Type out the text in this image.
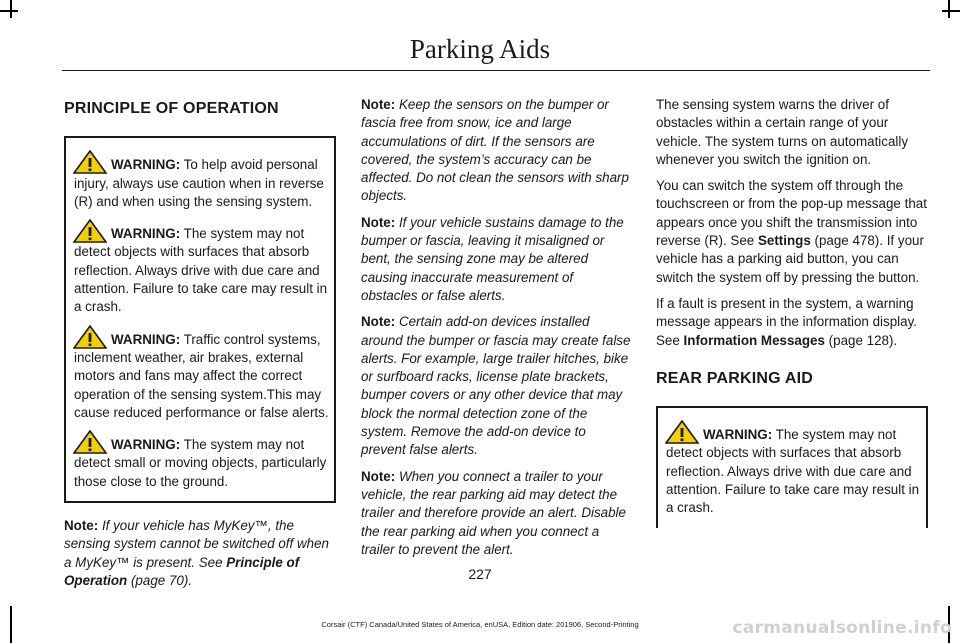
Parking Aids
PRINCIPLE OF OPERATION

WARNING: To help avoid personal injury, always use caution when in reverse (R) and when using the sensing system.

WARNING: The system may not detect objects with surfaces that absorb reflection. Always drive with due care and attention. Failure to take care may result in a crash.

WARNING: Traffic control systems, inclement weather, air brakes, external motors and fans may affect the correct operation of the sensing system.This may cause reduced performance or false alerts.

WARNING: The system may not detect small or moving objects, particularly those close to the ground.

Note: If your vehicle has MyKey™, the sensing system cannot be switched off when a MyKey™ is present. See Principle of Operation (page 70).

Note: Keep the sensors on the bumper or fascia free from snow, ice and large accumulations of dirt. If the sensors are covered, the system’s accuracy can be affected. Do not clean the sensors with sharp objects.

Note: If your vehicle sustains damage to the bumper or fascia, leaving it misaligned or bent, the sensing zone may be altered causing inaccurate measurement of obstacles or false alerts.

Note: Certain add-on devices installed around the bumper or fascia may create false alerts. For example, large trailer hitches, bike or surfboard racks, license plate brackets, bumper covers or any other device that may block the normal detection zone of the system. Remove the add-on device to prevent false alerts.

Note: When you connect a trailer to your vehicle, the rear parking aid may detect the trailer and therefore provide an alert. Disable the rear parking aid when you connect a trailer to prevent the alert.

The sensing system warns the driver of obstacles within a certain range of your vehicle. The system turns on automatically whenever you switch the ignition on.

You can switch the system off through the touchscreen or from the pop-up message that appears once you shift the transmission into reverse (R). See Settings (page 478). If your vehicle has a parking aid button, you can switch the system off by pressing the button.

If a fault is present in the system, a warning message appears in the information display. See Information Messages (page 128).

REAR PARKING AID

WARNING: The system may not detect objects with surfaces that absorb reflection. Always drive with due care and attention. Failure to take care may result in a crash.

227
Corsair (CTF) Canada/United States of America, enUSA, Edition date: 201906, Second-Printing	carmanualsonline.info
